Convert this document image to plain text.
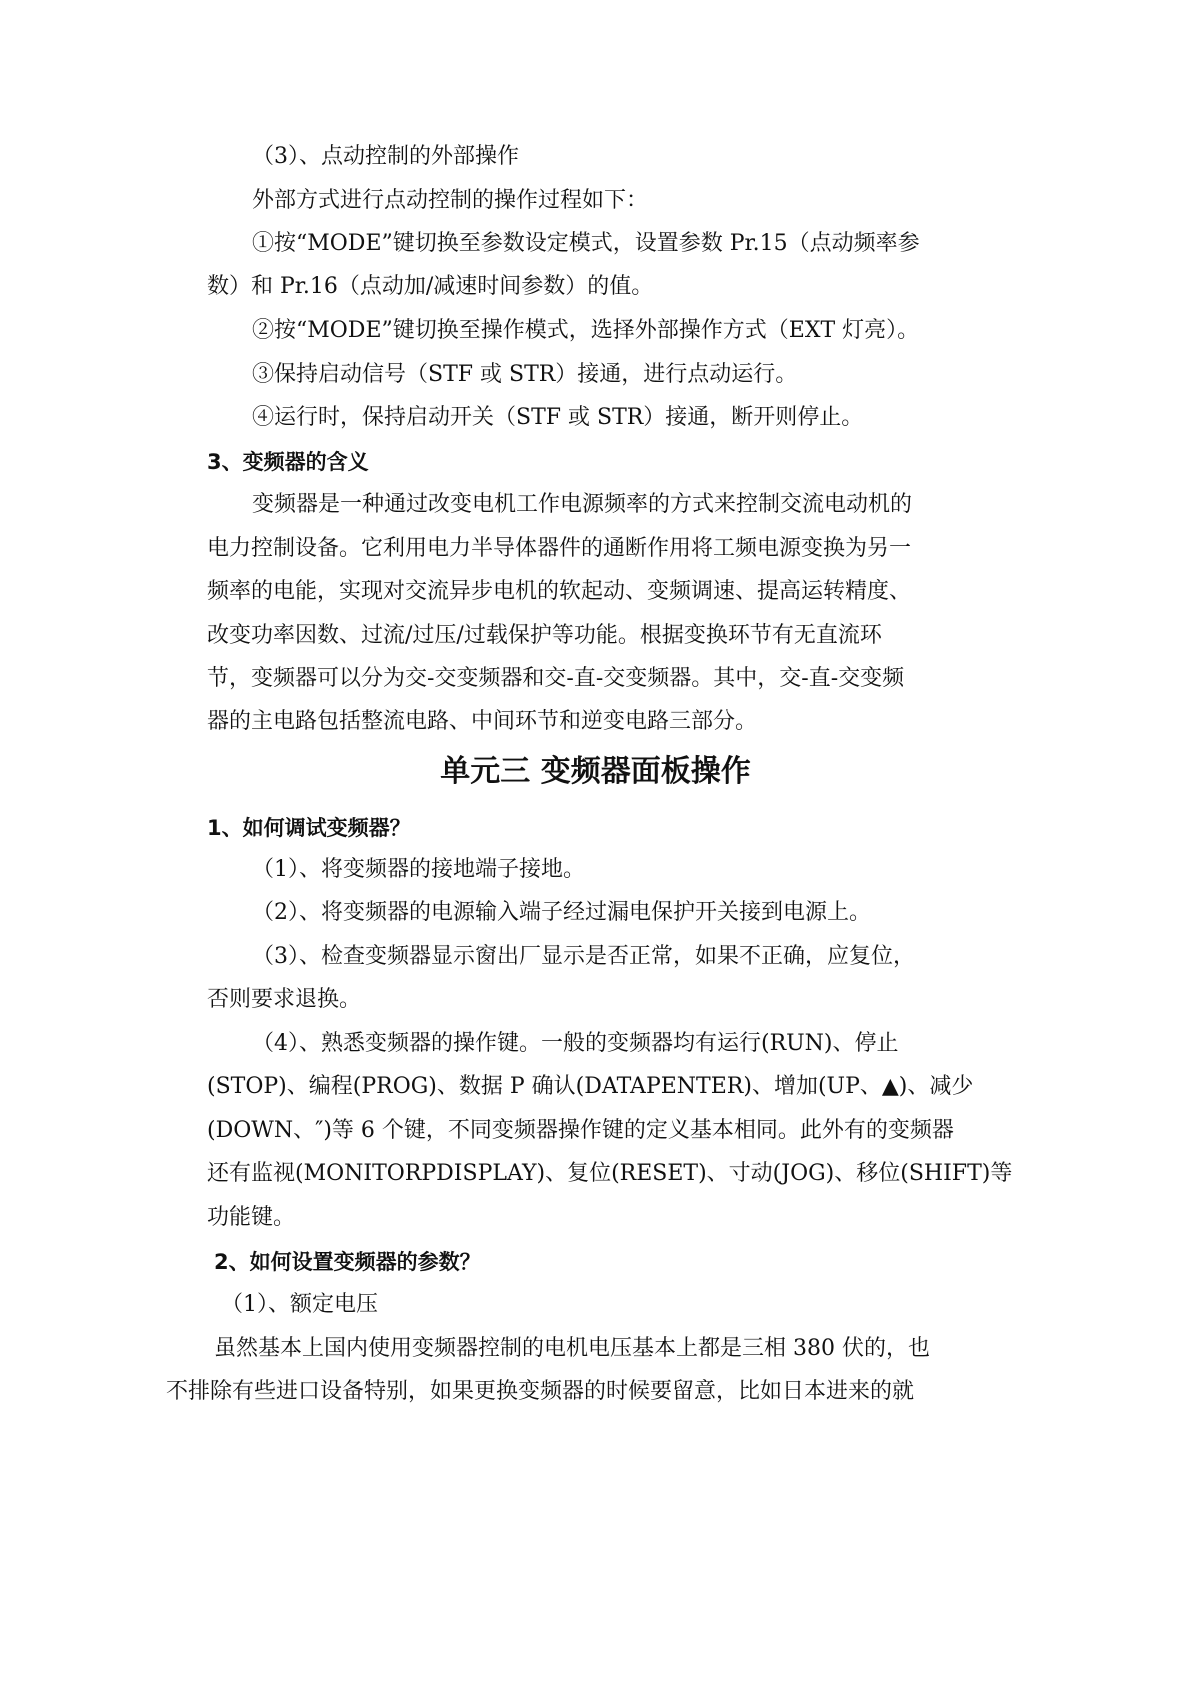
（3）、点动控制的外部操作
外部方式进行点动控制的操作过程如下：
①按“MODE”键切换至参数设定模式，设置参数 Pr.15（点动频率参
数）和 Pr.16（点动加/减速时间参数）的值。
②按“MODE”键切换至操作模式，选择外部操作方式（EXT 灯亮）。
③保持启动信号（STF 或 STR）接通，进行点动运行。
④运行时，保持启动开关（STF 或 STR）接通，断开则停止。
3、变频器的含义
变频器是一种通过改变电机工作电源频率的方式来控制交流电动机的
电力控制设备。它利用电力半导体器件的通断作用将工频电源变换为另一
频率的电能，实现对交流异步电机的软起动、变频调速、提高运转精度、
改变功率因数、过流/过压/过载保护等功能。根据变换环节有无直流环
节，变频器可以分为交-交变频器和交-直-交变频器。其中，交-直-交变频
器的主电路包括整流电路、中间环节和逆变电路三部分。
单元三 变频器面板操作
1、如何调试变频器？
（1）、将变频器的接地端子接地。
（2）、将变频器的电源输入端子经过漏电保护开关接到电源上。
（3）、检查变频器显示窗出厂显示是否正常，如果不正确，应复位，
否则要求退换。
（4）、熟悉变频器的操作键。一般的变频器均有运行(RUN)、停止
(STOP)、编程(PROG)、数据 P 确认(DATAPENTER)、增加(UP、▲)、减少
(DOWN、″)等 6 个键，不同变频器操作键的定义基本相同。此外有的变频器
还有监视(MONITORPDISPLAY)、复位(RESET)、寸动(JOG)、移位(SHIFT)等
功能键。
2、如何设置变频器的参数？
（1）、额定电压
虽然基本上国内使用变频器控制的电机电压基本上都是三相 380 伏的，也
不排除有些进口设备特别，如果更换变频器的时候要留意，比如日本进来的就
